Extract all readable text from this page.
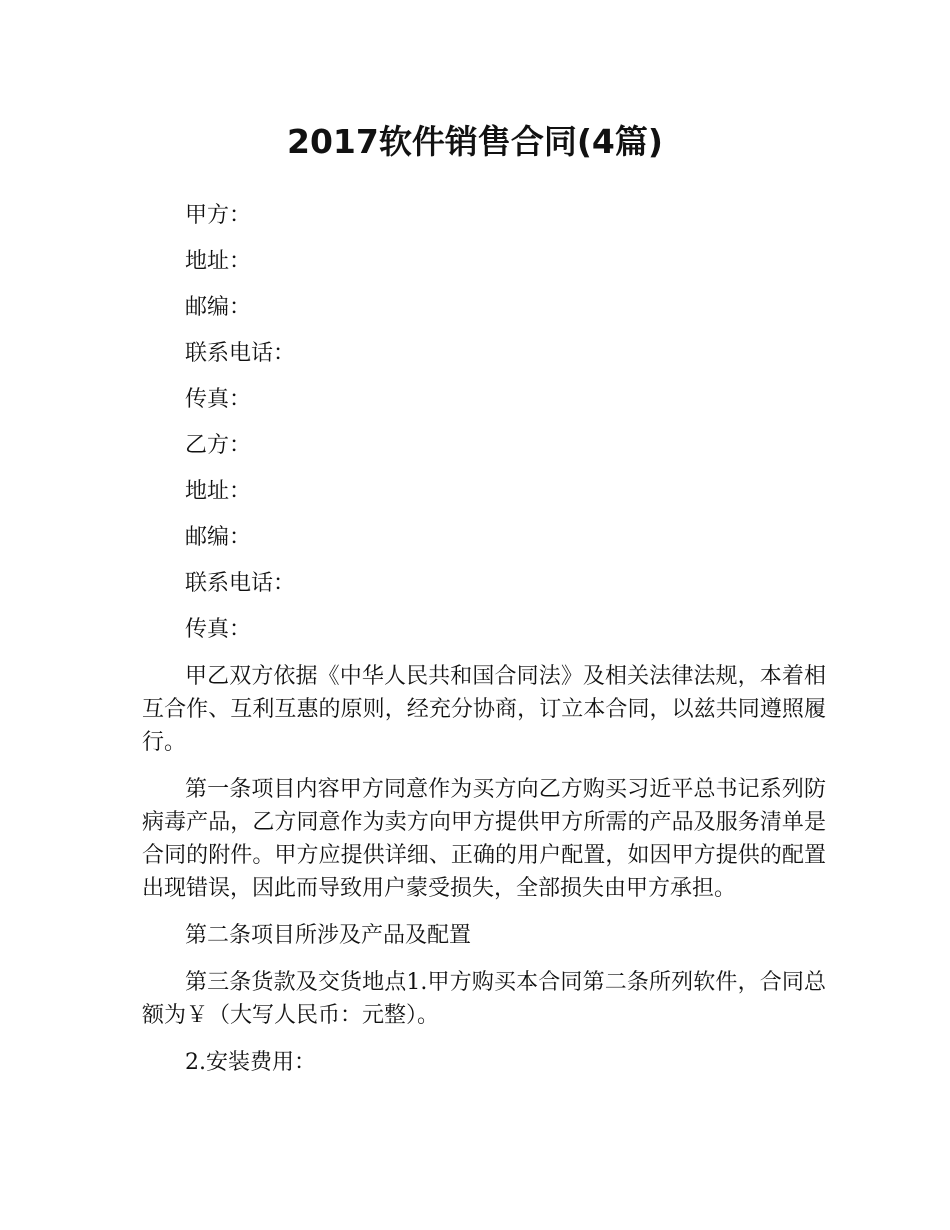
2017软件销售合同(4篇)
甲方：
地址：
邮编：
联系电话：
传真：
乙方：
地址：
邮编：
联系电话：
传真：

甲乙双方依据《中华人民共和国合同法》及相关法律法规，本着相互合作、互利互惠的原则，经充分协商，订立本合同，以兹共同遵照履行。

第一条项目内容甲方同意作为买方向乙方购买习近平总书记系列防病毒产品，乙方同意作为卖方向甲方提供甲方所需的产品及服务清单是合同的附件。甲方应提供详细、正确的用户配置，如因甲方提供的配置出现错误，因此而导致用户蒙受损失，全部损失由甲方承担。

第二条项目所涉及产品及配置

第三条货款及交货地点1.甲方购买本合同第二条所列软件，合同总额为￥（大写人民币：元整）。

2.安装费用：
